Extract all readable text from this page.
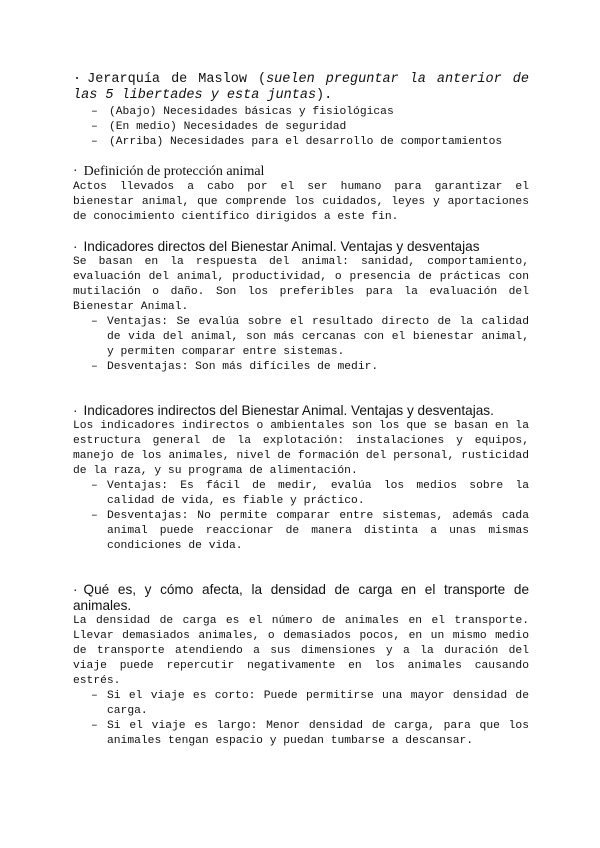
· Jerarquía de Maslow (suelen preguntar la anterior de las 5 libertades y esta juntas).
– (Abajo) Necesidades básicas y fisiológicas
– (En medio) Necesidades de seguridad
– (Arriba) Necesidades para el desarrollo de comportamientos
· Definición de protección animal

Actos llevados a cabo por el ser humano para garantizar el bienestar animal, que comprende los cuidados, leyes y aportaciones de conocimiento científico dirigidos a este fin.

· Indicadores directos del Bienestar Animal. Ventajas y desventajas

Se basan en la respuesta del animal: sanidad, comportamiento, evaluación del animal, productividad, o presencia de prácticas con mutilación o daño. Son los preferibles para la evaluación del Bienestar Animal.

– Ventajas: Se evalúa sobre el resultado directo de la calidad de vida del animal, son más cercanas con el bienestar animal, y permiten comparar entre sistemas.
– Desventajas: Son más difíciles de medir.
· Indicadores indirectos del Bienestar Animal. Ventajas y desventajas.

Los indicadores indirectos o ambientales son los que se basan en la estructura general de la explotación: instalaciones y equipos, manejo de los animales, nivel de formación del personal, rusticidad de la raza, y su programa de alimentación.

– Ventajas: Es fácil de medir, evalúa los medios sobre la calidad de vida, es fiable y práctico.
– Desventajas: No permite comparar entre sistemas, además cada animal puede reaccionar de manera distinta a unas mismas condiciones de vida.
· Qué es, y cómo afecta, la densidad de carga en el transporte de animales.

La densidad de carga es el número de animales en el transporte. Llevar demasiados animales, o demasiados pocos, en un mismo medio de transporte atendiendo a sus dimensiones y a la duración del viaje puede repercutir negativamente en los animales causando estrés.

– Si el viaje es corto: Puede permitirse una mayor densidad de carga.
– Si el viaje es largo: Menor densidad de carga, para que los animales tengan espacio y puedan tumbarse a descansar.
